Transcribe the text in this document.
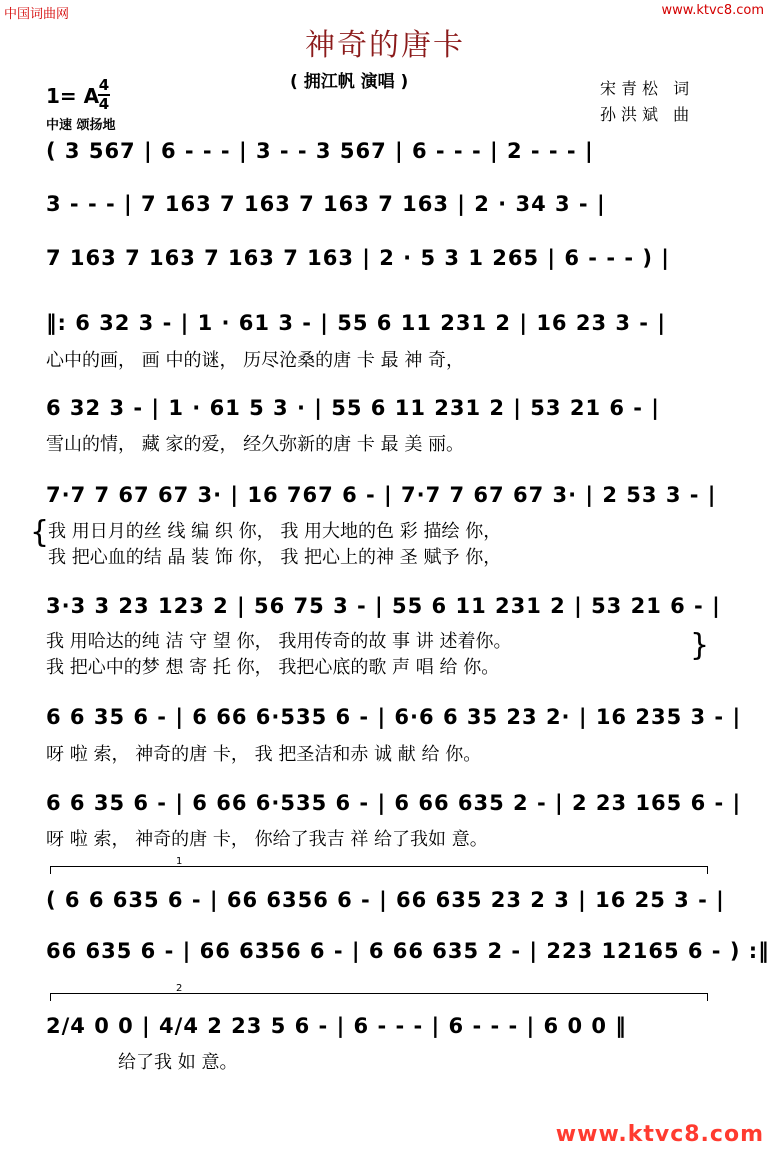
中国词曲网	www.ktvc8.com
神奇的唐卡
( 拥江帆 演唱 )	宋青松 词
孙洪斌 曲
1= A 4
4
中速 颂扬地
( 3 567 | 6 - - - | 3 - - 3 567 | 6 - - - | 2 - - - |
3 - - - | 7 163 7 163 7 163 7 163 | 2 · 34 3 - |
7 163 7 163 7 163 7 163 | 2 · 5 3 1 265 | 6 - - - ) |
‖: 6 32 3 - | 1 · 61 3 - | 55 6 11 231 2 | 16 23 3 - |
心中的画， 画 中的谜， 历尽沧桑的唐 卡 最 神 奇，
6 32 3 - | 1 · 61 5 3 · | 55 6 11 231 2 | 53 21 6 - |
雪山的情， 藏 家的爱， 经久弥新的唐 卡 最 美 丽。
7·7 7 67 67 3· | 16 767 6 - | 7·7 7 67 67 3· | 2 53 3 - |
{
我 用日月的丝 线 编 织 你， 我 用大地的色 彩 描绘 你，
我 把心血的结 晶 装 饰 你， 我 把心上的神 圣 赋予 你，
3·3 3 23 123 2 | 56 75 3 - | 55 6 11 231 2 | 53 21 6 - |
我 用哈达的纯 洁 守 望 你， 我用传奇的故 事 讲 述着你。
我 把心中的梦 想 寄 托 你， 我把心底的歌 声 唱 给 你。
}
6 6 35 6 - | 6 66 6·535 6 - | 6·6 6 35 23 2· | 16 235 3 - |
呀 啦 索， 神奇的唐 卡， 我 把圣洁和赤 诚 献 给 你。
6 6 35 6 - | 6 66 6·535 6 - | 6 66 635 2 - | 2 23 165 6 - |
呀 啦 索， 神奇的唐 卡， 你给了我吉 祥 给了我如 意。
1
( 6 6 635 6 - | 66 6356 6 - | 66 635 23 2 3 | 16 25 3 - |
66 635 6 - | 66 6356 6 - | 6 66 635 2 - | 223 12165 6 - ) :‖
2
2/4 0 0 | 4/4 2 23 5 6 - | 6 - - - | 6 - - - | 6 0 0 ‖
给了我 如 意。
www.ktvc8.com
